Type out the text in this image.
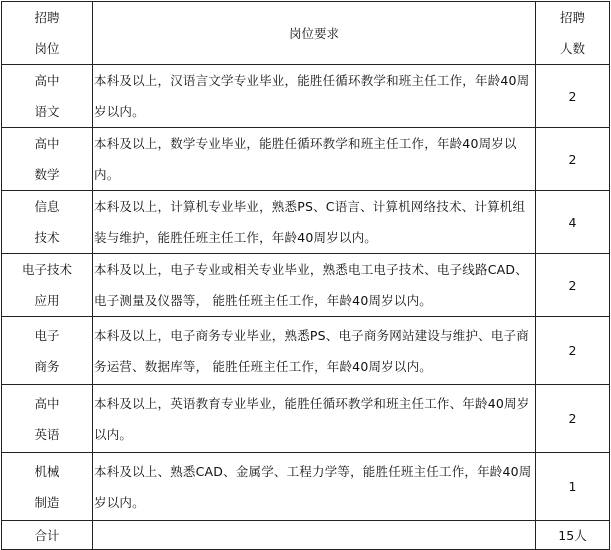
招聘
岗位	岗位要求	招聘
人数

高中
语文	本科及以上，汉语言文学专业毕业，能胜任循环教学和班主任工作，年龄40周岁以内。	2

高中
数学	本科及以上，数学专业毕业，能胜任循环教学和班主任工作，年龄40周岁以内。	2

信息
技术	本科及以上，计算机专业毕业，熟悉PS、C语言、计算机网络技术、计算机组装与维护，能胜任班主任工作，年龄40周岁以内。	4

电子技术
应用	本科及以上，电子专业或相关专业毕业，熟悉电工电子技术、电子线路CAD、电子测量及仪器等， 能胜任班主任工作，年龄40周岁以内。	2

电子
商务	本科及以上，电子商务专业毕业，熟悉PS、电子商务网站建设与维护、电子商务运营、数据库等， 能胜任班主任工作，年龄40周岁以内。	2

高中
英语	本科及以上，英语教育专业毕业，能胜任循环教学和班主任工作、年龄40周岁以内。	2

机械
制造	本科及以上、熟悉CAD、金属学、工程力学等，能胜任班主任工作，年龄40周岁以内。	1
合计		15人
